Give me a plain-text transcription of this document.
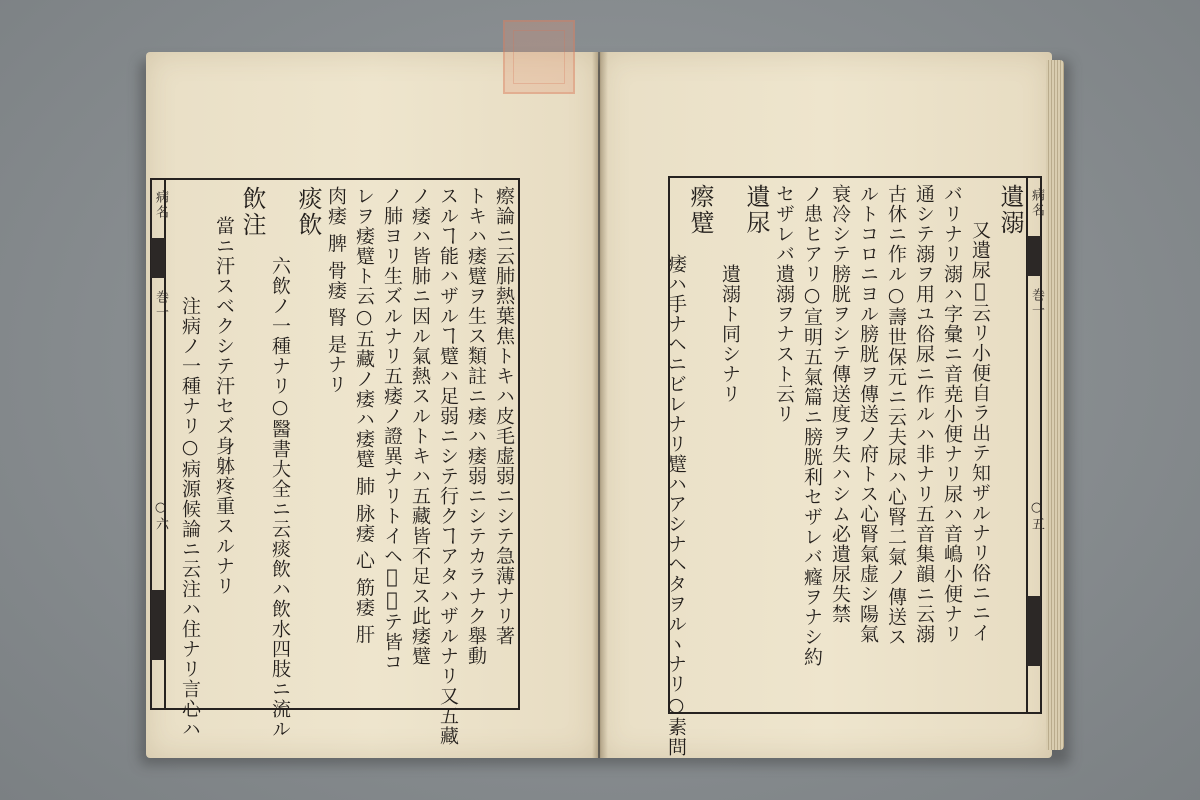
病名
巻一
○六	瘵論ニ云肺熱葉焦トキハ皮毛虚弱ニシテ急薄ナリ著
トキハ痿躄ヲ生ス類註ニ痿ハ痿弱ニシテカラナク舉動
スルヿ能ハザルヿ躄ハ足弱ニシテ行クヿアタハザルナリ又五藏
ノ痿ハ皆肺ニ因ル氣熱スルトキハ五藏皆不足ス此痿躄
ノ肺ヨリ生ズルナリ五痿ノ證異ナリトイヘ𪜈総テ皆コ
レヲ痿躄ト云○五藏ノ痿ハ痿躄 肺 脉痿 心 筋痿 肝
肉痿 脾 骨痿 腎 是ナリ
痰飲
六飲ノ一種ナリ○醫書大全ニ云痰飲ハ飲水四肢ニ流ル
飲注
當ニ汗スベクシテ汗セズ身躰疼重スルナリ
注病ノ一種ナリ○病源候論ニ云注ハ住ナリ言心ハ
病名
巻一
○五
遺溺
又遺尿𪜈云リ小便自ラ出テ知ザルナリ俗ニニイ
バリナリ溺ハ字彙ニ音尭小便ナリ尿ハ音嶋小便ナリ
通シテ溺ヲ用ユ俗尿ニ作ルハ非ナリ五音集韻ニ云溺
古休ニ作ル○壽世保元ニ云夫尿ハ心腎二氣ノ傳送ス
ルトコロニヨル膀胱ヲ傳送ノ府トス心腎氣虚シ陽氣
衰冷シテ膀胱ヲシテ傳送度ヲ失ハシム必遺尿失禁
ノ患ヒアリ○宣明五氣篇ニ膀胱利セザレバ癃ヲナシ約
セザレバ遺溺ヲナスト云リ
遺尿
遺溺ト同シナリ
瘵躄
痿ハ手ナヘニビレナリ躄ハアシナヘタヲルヽナリ○素問
